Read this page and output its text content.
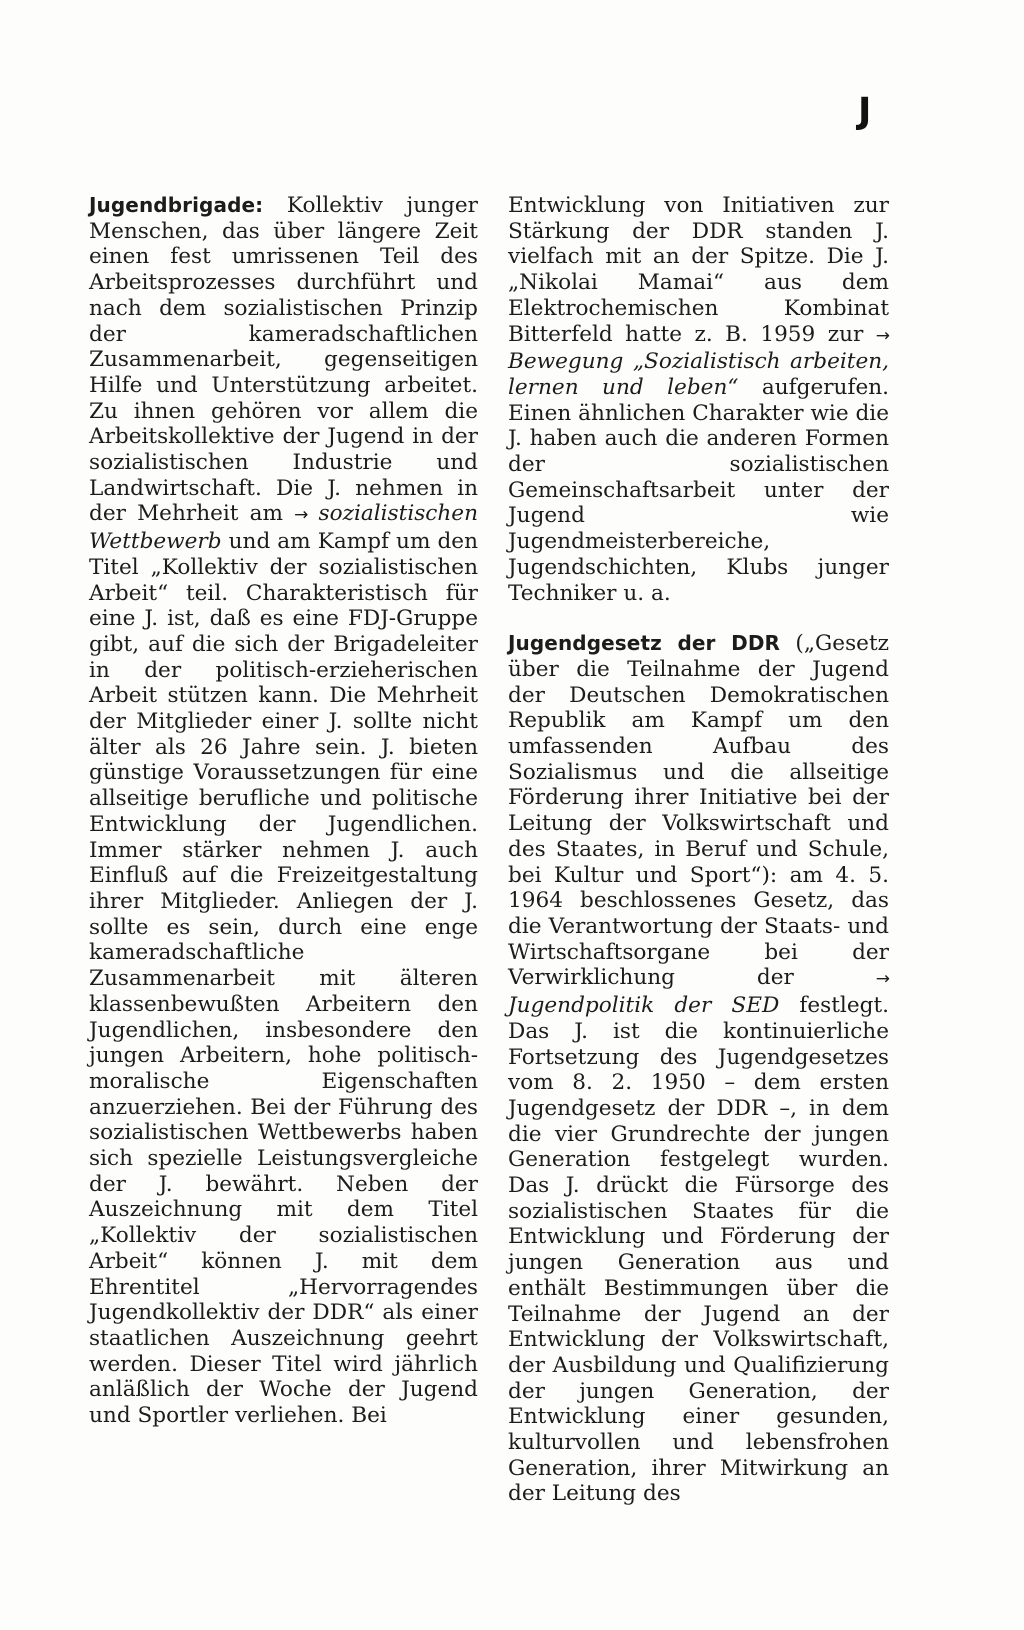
J

Jugendbrigade: Kollektiv junger Menschen, das über längere Zeit einen fest umrissenen Teil des Arbeitsprozesses durchführt und nach dem sozialistischen Prinzip der kameradschaftlichen Zusammenarbeit, gegenseitigen Hilfe und Unterstützung arbeitet. Zu ihnen gehören vor allem die Arbeitskollektive der Jugend in der sozialistischen Industrie und Landwirtschaft. Die J. nehmen in der Mehrheit am → sozialistischen Wettbewerb und am Kampf um den Titel „Kollektiv der sozialistischen Arbeit“ teil. Charakteristisch für eine J. ist, daß es eine FDJ-Gruppe gibt, auf die sich der Brigadeleiter in der politisch-erzieherischen Arbeit stützen kann. Die Mehrheit der Mitglieder einer J. sollte nicht älter als 26 Jahre sein. J. bieten günstige Voraussetzungen für eine allseitige berufliche und politische Entwicklung der Jugendlichen. Immer stärker nehmen J. auch Einfluß auf die Freizeitgestaltung ihrer Mitglieder. Anliegen der J. sollte es sein, durch eine enge kameradschaftliche Zusammenarbeit mit älteren klassenbewußten Arbeitern den Jugendlichen, insbesondere den jungen Arbeitern, hohe politisch-moralische Eigenschaften anzuerziehen. Bei der Führung des sozialistischen Wettbewerbs haben sich spezielle Leistungsvergleiche der J. bewährt. Neben der Auszeichnung mit dem Titel „Kollektiv der sozialistischen Arbeit“ können J. mit dem Ehrentitel „Hervorragendes Jugendkollektiv der DDR“ als einer staatlichen Auszeichnung geehrt werden. Dieser Titel wird jährlich anläßlich der Woche der Jugend und Sportler verliehen. Bei

Entwicklung von Initiativen zur Stärkung der DDR standen J. vielfach mit an der Spitze. Die J. „Nikolai Mamai“ aus dem Elektrochemischen Kombinat Bitterfeld hatte z. B. 1959 zur → Bewegung „Sozialistisch arbeiten, lernen und leben“ aufgerufen. Einen ähnlichen Charakter wie die J. haben auch die anderen Formen der sozialistischen Gemeinschaftsarbeit unter der Jugend wie Jugendmeisterbereiche, Jugendschichten, Klubs junger Techniker u. a.

Jugendgesetz der DDR („Gesetz über die Teilnahme der Jugend der Deutschen Demokratischen Republik am Kampf um den umfassenden Aufbau des Sozialismus und die allseitige Förderung ihrer Initiative bei der Leitung der Volkswirtschaft und des Staates, in Beruf und Schule, bei Kultur und Sport“): am 4. 5. 1964 beschlossenes Gesetz, das die Verantwortung der Staats- und Wirtschaftsorgane bei der Verwirklichung der → Jugendpolitik der SED festlegt. Das J. ist die kontinuierliche Fortsetzung des Jugendgesetzes vom 8. 2. 1950 – dem ersten Jugendgesetz der DDR –, in dem die vier Grundrechte der jungen Generation festgelegt wurden. Das J. drückt die Fürsorge des sozialistischen Staates für die Entwicklung und Förderung der jungen Generation aus und enthält Bestimmungen über die Teilnahme der Jugend an der Entwicklung der Volkswirtschaft, der Ausbildung und Qualifizierung der jungen Generation, der Entwicklung einer gesunden, kulturvollen und lebensfrohen Generation, ihrer Mitwirkung an der Leitung des
